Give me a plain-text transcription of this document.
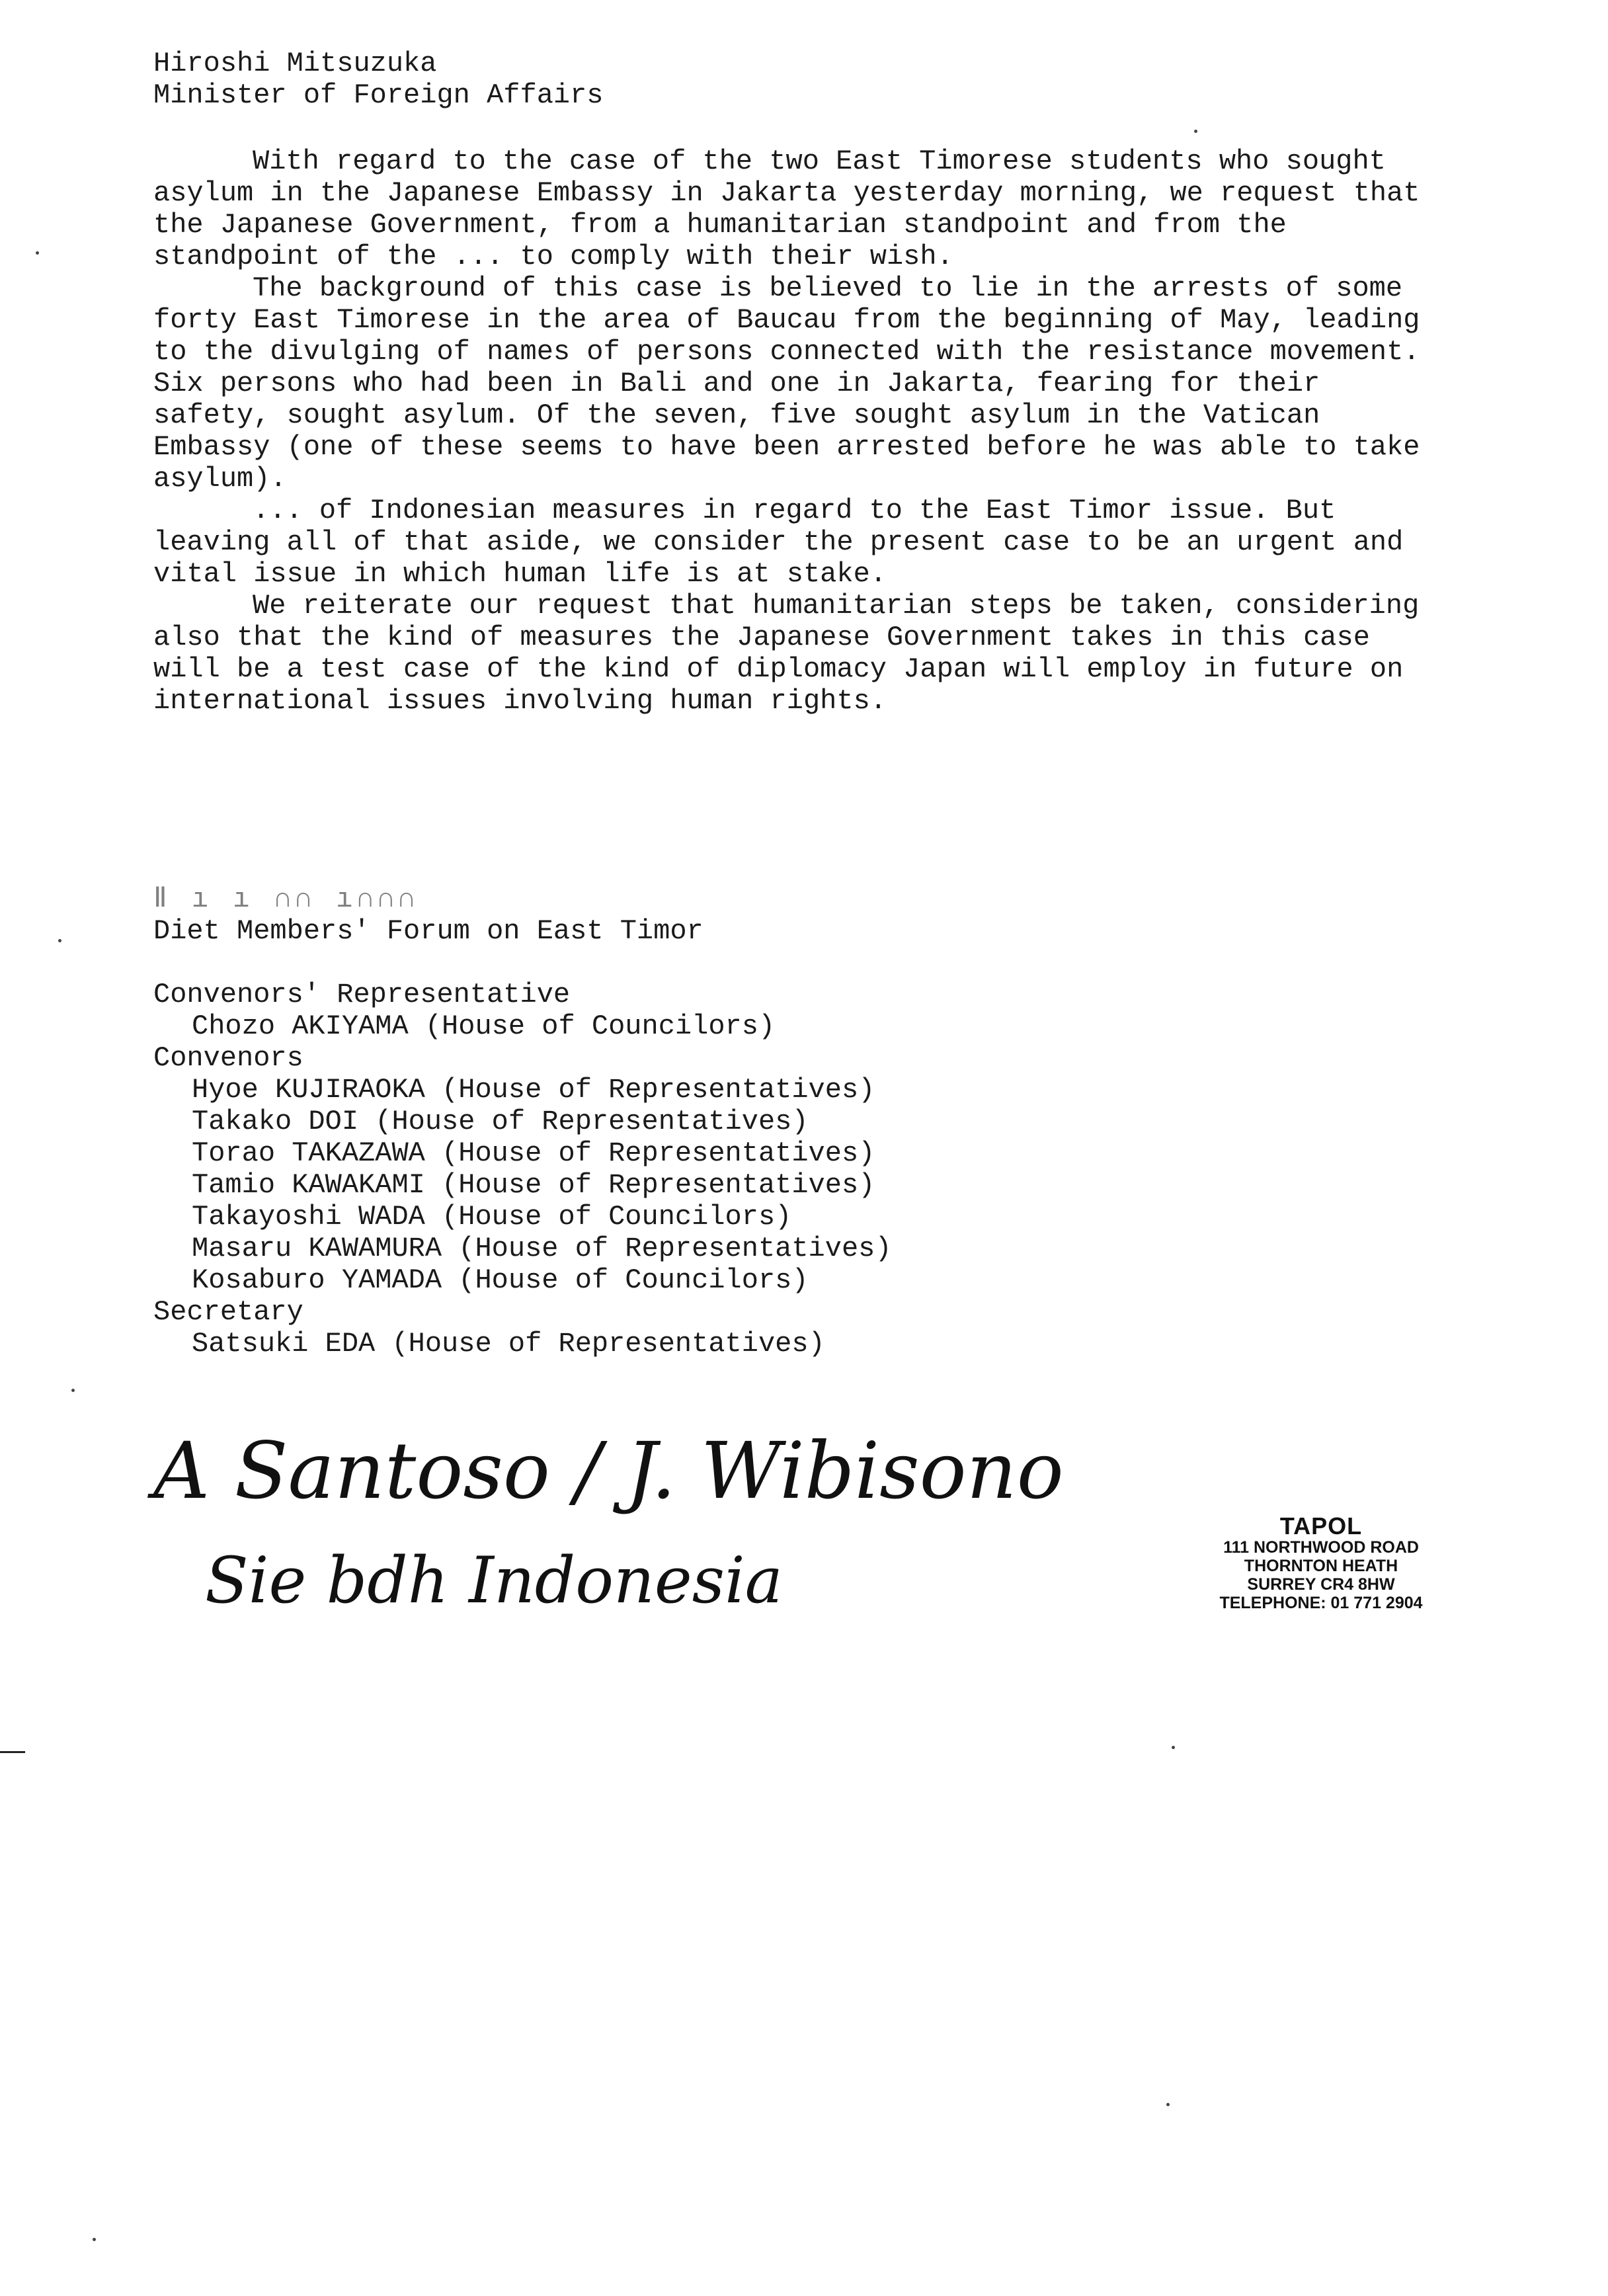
Hiroshi Mitsuzuka
Minister of Foreign Affairs

With regard to the case of the two East Timorese students who sought asylum in the Japanese Embassy in Jakarta yesterday morning, we request that the Japanese Government, from a humanitarian standpoint and from the standpoint of the ... to comply with their wish.

The background of this case is believed to lie in the arrests of some forty East Timorese in the area of Baucau from the beginning of May, leading to the divulging of names of persons connected with the resistance movement. Six persons who had been in Bali and one in Jakarta, fearing for their safety, sought asylum. Of the seven, five sought asylum in the Vatican Embassy (one of these seems to have been arrested before he was able to take asylum).

... of Indonesian measures in regard to the East Timor issue. But leaving all of that aside, we consider the present case to be an urgent and vital issue in which human life is at stake.

We reiterate our request that humanitarian steps be taken, considering also that the kind of measures the Japanese Government takes in this case will be a test case of the kind of diplomacy Japan will employ in future on international issues involving human rights.

Ⅱ ı ı ∩∩ ı∩∩∩
Diet Members' Forum on East Timor

Convenors' Representative
Chozo AKIYAMA (House of Councilors)
Convenors
Hyoe KUJIRAOKA (House of Representatives)
Takako DOI (House of Representatives)
Torao TAKAZAWA (House of Representatives)
Tamio KAWAKAMI (House of Representatives)
Takayoshi WADA (House of Councilors)
Masaru KAWAMURA (House of Representatives)
Kosaburo YAMADA (House of Councilors)
Secretary
Satsuki EDA (House of Representatives)
A Santoso / J. Wibisono
Sie bdh Indonesia
TAPOL
111 NORTHWOOD ROAD
THORNTON HEATH
SURREY CR4 8HW
TELEPHONE: 01 771 2904
